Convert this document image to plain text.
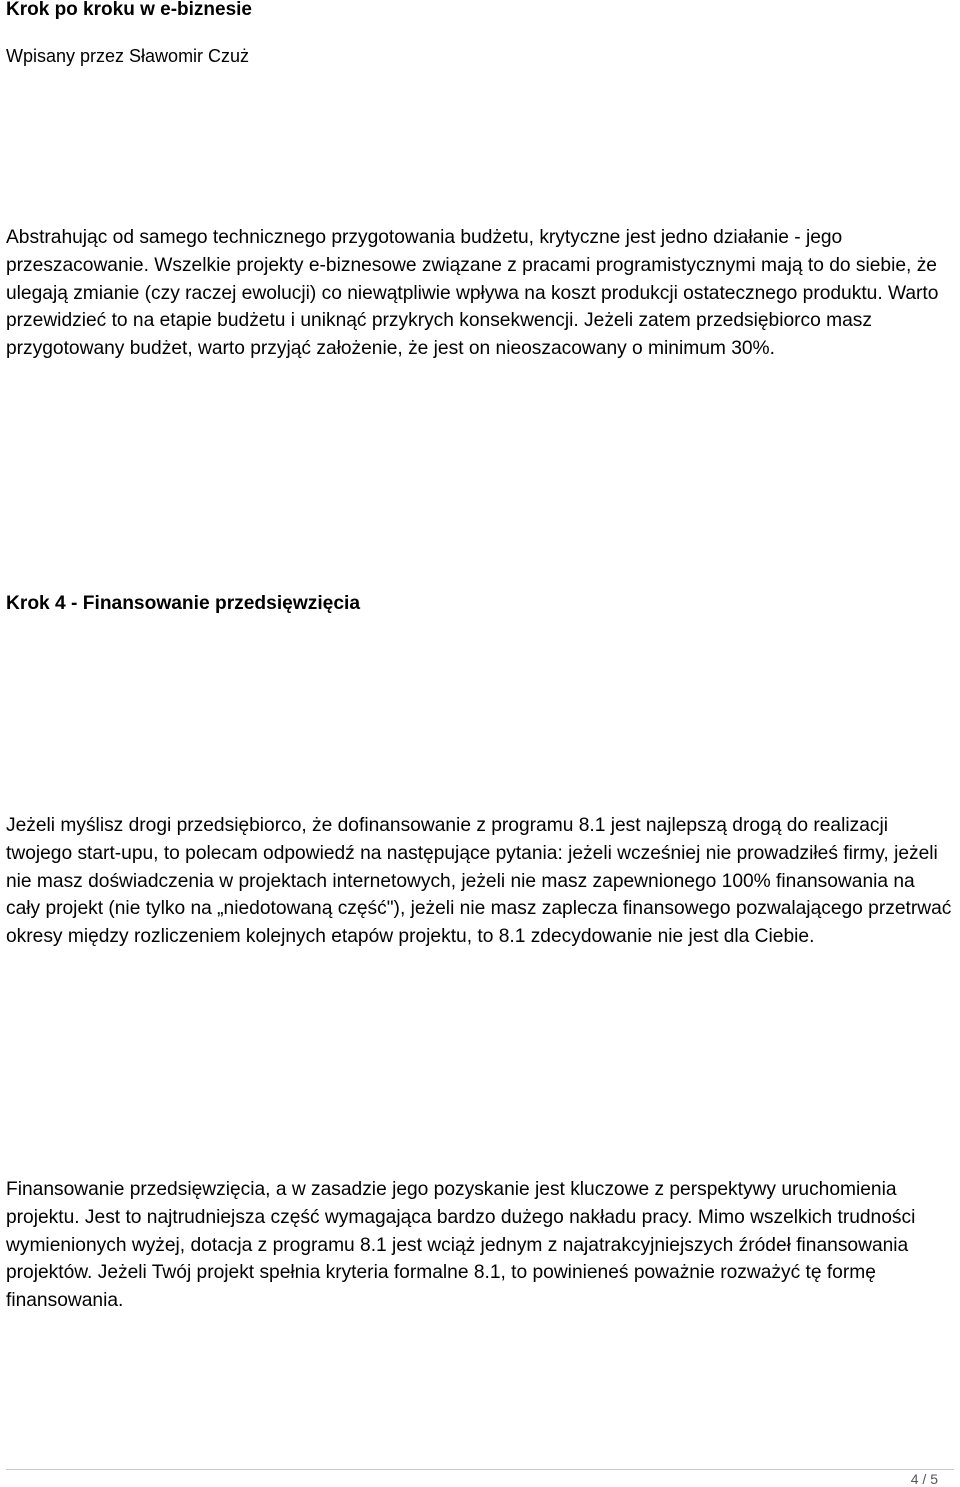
Krok po kroku w e-biznesie
Wpisany przez Sławomir Czuż

Abstrahując od samego technicznego przygotowania budżetu, krytyczne jest jedno działanie - jego przeszacowanie. Wszelkie projekty e-biznesowe związane z pracami programistycznymi mają to do siebie, że ulegają zmianie (czy raczej ewolucji) co niewątpliwie wpływa na koszt produkcji ostatecznego produktu. Warto przewidzieć to na etapie budżetu i uniknąć przykrych konsekwencji. Jeżeli zatem przedsiębiorco masz przygotowany budżet, warto przyjąć założenie, że jest on nieoszacowany o minimum 30%.

Krok 4 - Finansowanie przedsięwzięcia

Jeżeli myślisz drogi przedsiębiorco, że dofinansowanie z programu 8.1 jest najlepszą drogą do realizacji twojego start-upu, to polecam odpowiedź na następujące pytania: jeżeli wcześniej nie prowadziłeś firmy, jeżeli nie masz doświadczenia w projektach internetowych, jeżeli nie masz zapewnionego 100% finansowania na cały projekt (nie tylko na „niedotowaną część"), jeżeli nie masz zaplecza finansowego pozwalającego przetrwać okresy między rozliczeniem kolejnych etapów projektu, to 8.1 zdecydowanie nie jest dla Ciebie.

Finansowanie przedsięwzięcia, a w zasadzie jego pozyskanie jest kluczowe z perspektywy uruchomienia projektu. Jest to najtrudniejsza część wymagająca bardzo dużego nakładu pracy. Mimo wszelkich trudności wymienionych wyżej, dotacja z programu 8.1 jest wciąż jednym z najatrakcyjniejszych źródeł finansowania projektów. Jeżeli Twój projekt spełnia kryteria formalne 8.1, to powinieneś poważnie rozważyć tę formę finansowania.

4 / 5
